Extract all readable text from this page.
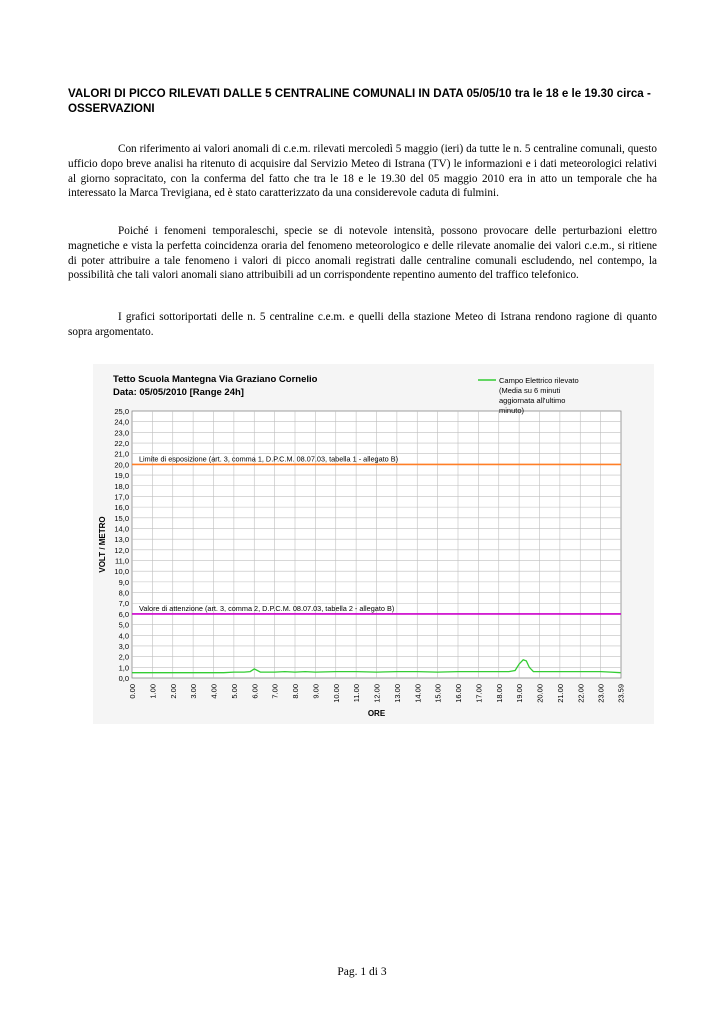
VALORI DI PICCO RILEVATI DALLE 5 CENTRALINE COMUNALI IN DATA 05/05/10 tra le 18 e le 19.30 circa - OSSERVAZIONI

Con riferimento ai valori anomali di c.e.m. rilevati mercoledì 5 maggio (ieri) da tutte le n. 5 centraline comunali, questo ufficio dopo breve analisi ha ritenuto di acquisire dal Servizio Meteo di Istrana (TV) le informazioni e i dati meteorologici relativi al giorno sopracitato, con la conferma del fatto che tra le 18 e le 19.30 del 05 maggio 2010 era in atto un temporale che ha interessato la Marca Trevigiana, ed è stato caratterizzato da una considerevole caduta di fulmini.

Poiché i fenomeni temporaleschi, specie se di notevole intensità, possono provocare delle perturbazioni elettro magnetiche e vista la perfetta coincidenza oraria del fenomeno meteorologico e delle rilevate anomalie dei valori c.e.m., si ritiene di poter attribuire a tale fenomeno i valori di picco anomali registrati dalle centraline comunali escludendo, nel contempo, la possibilità che tali valori anomali siano attribuibili ad un corrispondente repentino aumento del traffico telefonico.

I grafici sottoriportati delle n. 5 centraline c.e.m. e quelli della stazione Meteo di Istrana rendono ragione di quanto sopra argomentato.

Tetto Scuola Mantegna Via Graziano Cornelio
Data: 05/05/2010 [Range 24h]
Limite di esposizione (art. 3, comma 1, D.P.C.M. 08.07.03, tabella 1 - allegato B)
Valore di attenzione (art. 3, comma 2, D.P.C.M. 08.07.03, tabella 2 - allegato B)
0,0
1,0
2,0
3,0
4,0
5,0
6,0
7,0
8,0
9,0
10,0
11,0
12,0
13,0
14,0
15,0
16,0
17,0
18,0
19,0
20,0
21,0
22,0
23,0
24,0
25,0
0.00 1.00 2.00 3.00 4.00 5.00 6.00 7.00 8.00 9.00 10.00 11.00 12.00 13.00 14.00 15.00 16.00 17.00 18.00 19.00 20.00 21.00 22.00 23.00 23.59
ORE
VOLT / METRO
Campo Elettrico rilevato (Media su 6 minuti aggiornata all'ultimo minuto)
Pag. 1 di 3
